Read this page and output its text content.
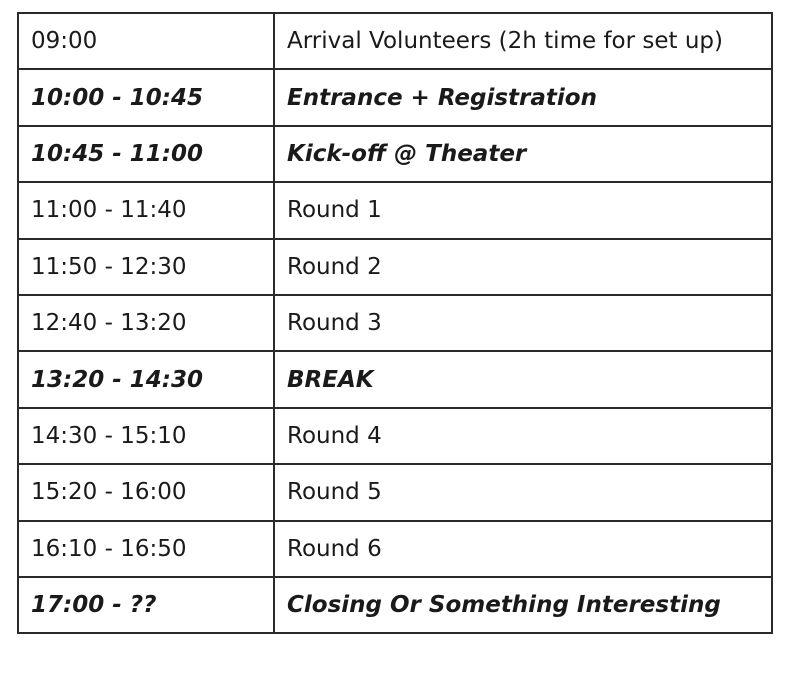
09:00	Arrival Volunteers (2h time for set up)
10:00 - 10:45	Entrance + Registration
10:45 - 11:00	Kick-off @ Theater
11:00 - 11:40	Round 1
11:50 - 12:30	Round 2
12:40 - 13:20	Round 3
13:20 - 14:30	BREAK
14:30 - 15:10	Round 4
15:20 - 16:00	Round 5
16:10 - 16:50	Round 6
17:00 - ??	Closing Or Something Interesting
